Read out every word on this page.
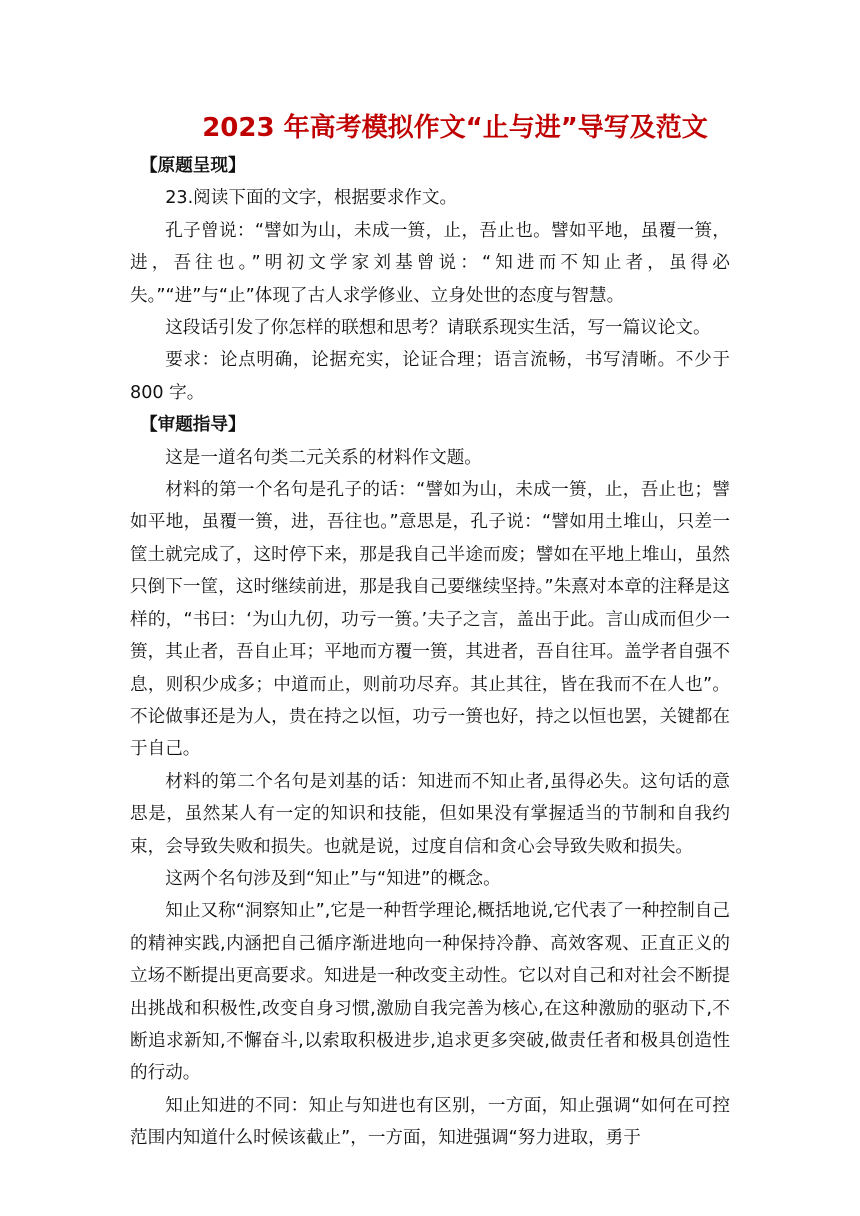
2023 年高考模拟作文“止与进”导写及范文

【原题呈现】

23.阅读下面的文字，根据要求作文。

孔子曾说：“譬如为山，未成一篑，止，吾止也。譬如平地，虽覆一篑，进，吾往也。”明初文学家刘基曾说：“知进而不知止者，虽得必失。”“进”与“止”体现了古人求学修业、立身处世的态度与智慧。

这段话引发了你怎样的联想和思考？请联系现实生活，写一篇议论文。

要求：论点明确，论据充实，论证合理；语言流畅，书写清晰。不少于 800 字。

【审题指导】

这是一道名句类二元关系的材料作文题。

材料的第一个名句是孔子的话：“譬如为山，未成一篑，止，吾止也；譬如平地，虽覆一篑，进，吾往也。”意思是，孔子说：“譬如用土堆山，只差一筐土就完成了，这时停下来，那是我自己半途而废；譬如在平地上堆山，虽然只倒下一筐，这时继续前进，那是我自己要继续坚持。”朱熹对本章的注释是这样的，“书曰：‘为山九仞，功亏一篑。’夫子之言，盖出于此。言山成而但少一篑，其止者，吾自止耳；平地而方覆一篑，其进者，吾自往耳。盖学者自强不息，则积少成多；中道而止，则前功尽弃。其止其往，皆在我而不在人也”。不论做事还是为人，贵在持之以恒，功亏一篑也好，持之以恒也罢，关键都在于自己。

材料的第二个名句是刘基的话：知进而不知止者,虽得必失。这句话的意思是，虽然某人有一定的知识和技能，但如果没有掌握适当的节制和自我约束，会导致失败和损失。也就是说，过度自信和贪心会导致失败和损失。

这两个名句涉及到“知止”与“知进”的概念。

知止又称“洞察知止”,它是一种哲学理论,概括地说,它代表了一种控制自己的精神实践,内涵把自己循序渐进地向一种保持冷静、高效客观、正直正义的立场不断提出更高要求。知进是一种改变主动性。它以对自己和对社会不断提出挑战和积极性,改变自身习惯,激励自我完善为核心,在这种激励的驱动下,不断追求新知,不懈奋斗,以索取积极进步,追求更多突破,做责任者和极具创造性的行动。

知止知进的不同：知止与知进也有区别，一方面，知止强调“如何在可控范围内知道什么时候该截止”，一方面，知进强调“努力进取，勇于
